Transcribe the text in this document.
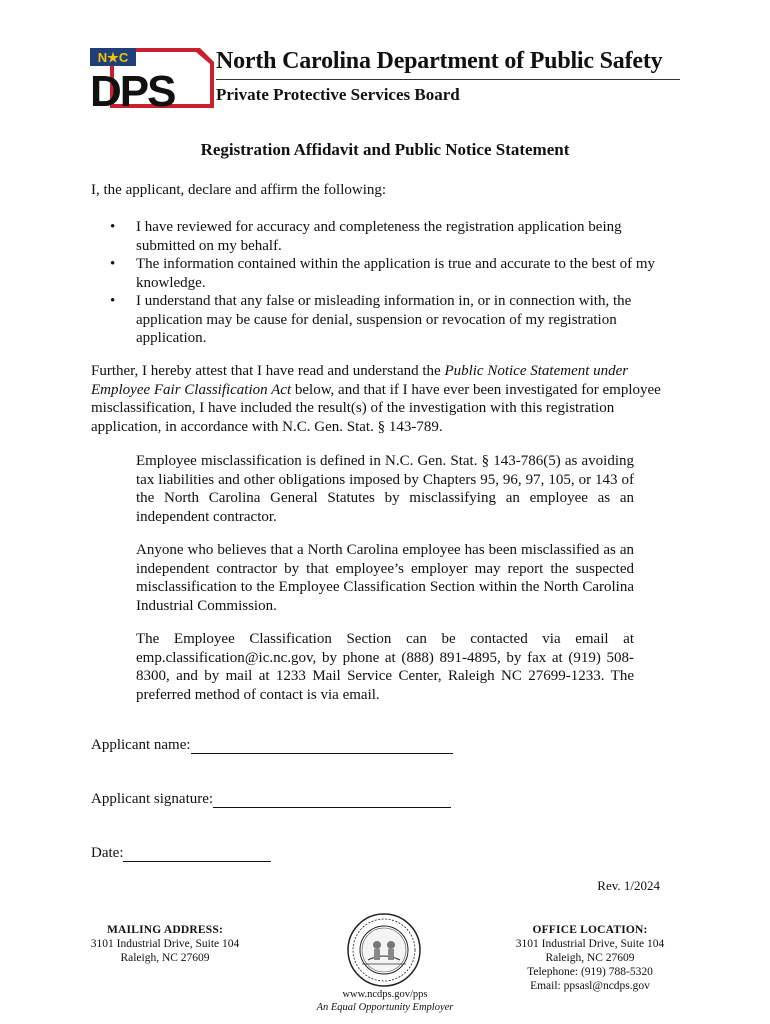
N★C
DPS
North Carolina Department of Public Safety
Private Protective Services Board
Registration Affidavit and Public Notice Statement
I, the applicant, declare and affirm the following:
• I have reviewed for accuracy and completeness the registration application being submitted on my behalf.
• The information contained within the application is true and accurate to the best of my knowledge.
• I understand that any false or misleading information in, or in connection with, the application may be cause for denial, suspension or revocation of my registration application.
Further, I hereby attest that I have read and understand the Public Notice Statement under Employee Fair Classification Act below, and that if I have ever been investigated for employee misclassification, I have included the result(s) of the investigation with this registration application, in accordance with N.C. Gen. Stat. § 143-789.

Employee misclassification is defined in N.C. Gen. Stat. § 143-786(5) as avoiding tax liabilities and other obligations imposed by Chapters 95, 96, 97, 105, or 143 of the North Carolina General Statutes by misclassifying an employee as an independent contractor.

Anyone who believes that a North Carolina employee has been misclassified as an independent contractor by that employee’s employer may report the suspected misclassification to the Employee Classification Section within the North Carolina Industrial Commission.

The Employee Classification Section can be contacted via email at emp.classification@ic.nc.gov, by phone at (888) 891-4895, by fax at (919) 508-8300, and by mail at 1233 Mail Service Center, Raleigh NC 27699-1233. The preferred method of contact is via email.

Applicant name:
Applicant signature:
Date:
Rev. 1/2024
MAILING ADDRESS:
3101 Industrial Drive, Suite 104
Raleigh, NC 27609
OFFICE LOCATION:
3101 Industrial Drive, Suite 104
Raleigh, NC 27609
Telephone: (919) 788-5320
Email: ppsasl@ncdps.gov
www.ncdps.gov/pps
An Equal Opportunity Employer
